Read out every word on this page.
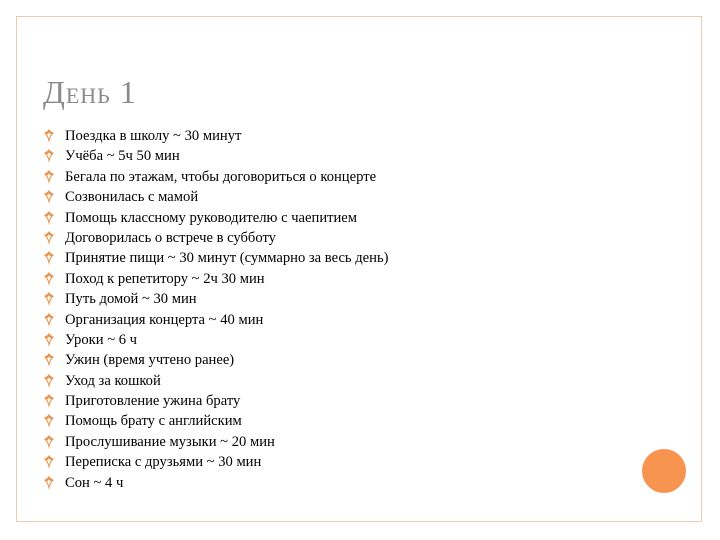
День 1
Поездка в школу ~ 30 минут
Учёба ~ 5ч 50 мин
Бегала по этажам, чтобы договориться о концерте
Созвонилась с мамой
Помощь классному руководителю с чаепитием
Договорилась о встрече в субботу
Принятие пищи ~ 30 минут (суммарно за весь день)
Поход к репетитору ~ 2ч 30 мин
Путь домой ~ 30 мин
Организация концерта ~ 40 мин
Уроки ~ 6 ч
Ужин (время учтено ранее)
Уход за кошкой
Приготовление ужина брату
Помощь брату с английским
Прослушивание музыки ~ 20 мин
Переписка с друзьями ~ 30 мин
Сон ~ 4 ч
